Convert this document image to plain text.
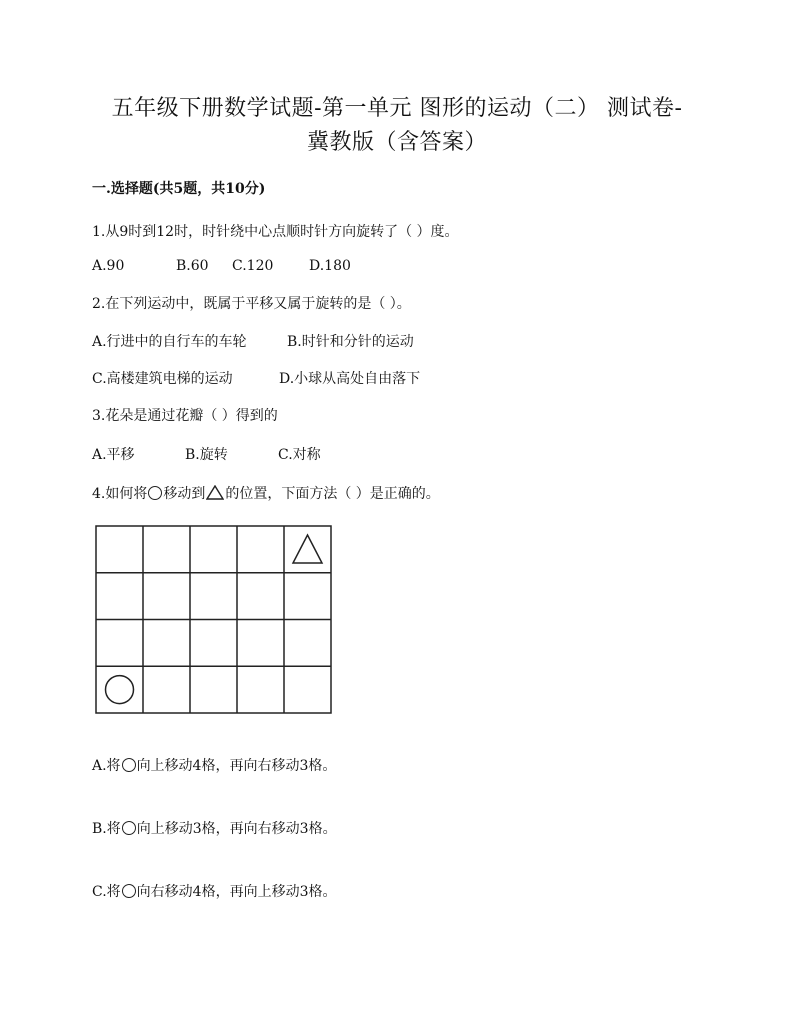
五年级下册数学试题-第一单元 图形的运动（二） 测试卷-
冀教版（含答案）
一.选择题(共5题，共10分)
1.从9时到12时，时针绕中心点顺时针方向旋转了（ ）度。
A.90	B.60 C.120	D.180
2.在下列运动中，既属于平移又属于旋转的是（ ）。
A.行进中的自行车的车轮	B.时针和分针的运动
C.高楼建筑电梯的运动	D.小球从高处自由落下
3.花朵是通过花瓣（ ）得到的
A.平移	B.旋转	C.对称
4.如何将 移动到 的位置，下面方法（ ）是正确的。
A.将 向上移动4格，再向右移动3格。
B.将 向上移动3格，再向右移动3格。
C.将 向右移动4格，再向上移动3格。
